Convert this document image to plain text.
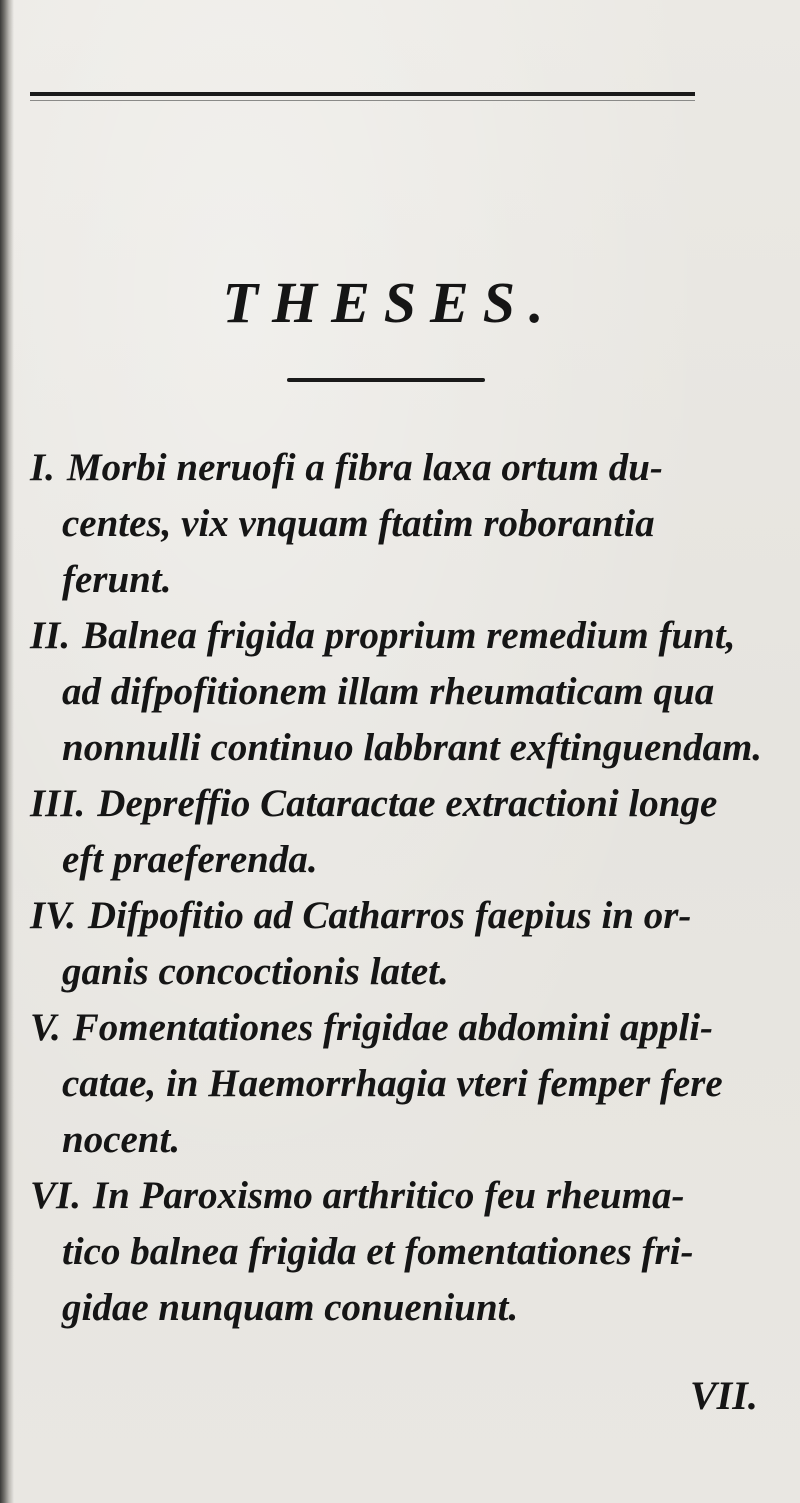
THESES.
I. Morbi neruofi a fibra laxa ortum du-
centes, vix vnquam ftatim roborantia
ferunt.
II. Balnea frigida proprium remedium funt,
ad difpofitionem illam rheumaticam qua
nonnulli continuo labbrant exftinguendam.
III. Depreffio Cataractae extractioni longe
eft praeferenda.
IV. Difpofitio ad Catharros faepius in or-
ganis concoctionis latet.
V. Fomentationes frigidae abdomini appli-
catae, in Haemorrhagia vteri femper fere
nocent.
VI. In Paroxismo arthritico feu rheuma-
tico balnea frigida et fomentationes fri-
gidae nunquam conueniunt.
VII.
